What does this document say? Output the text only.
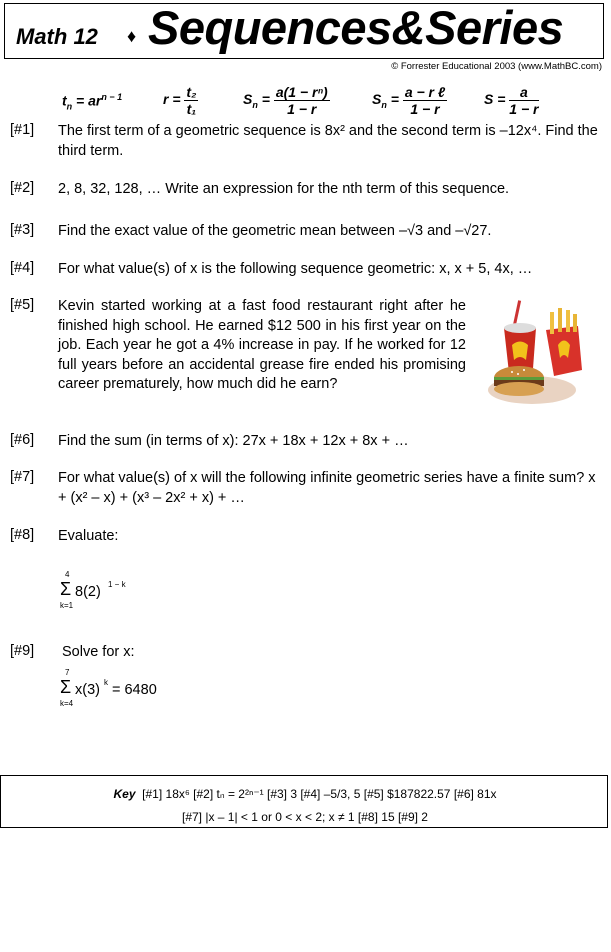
Math 12 ♦ Sequences&Series
© Forrester Educational 2003 (www.MathBC.com)
$t_n = ar^{n - 1}$	$r = \frac{\text{t₂}}{\text{t₁}}$	$S_n = \frac{\text{a(1 − rⁿ)}}{1 - r}$	$S_n = \frac{\text{a − r ℓ}}{1 - r}$	$S = \frac{a}{1 - r}$
[#1] The first term of a geometric sequence is 8x² and the second term is –12x⁴. Find the third term.
[#2] 2, 8, 32, 128, … Write an expression for the nth term of this sequence.
[#3] Find the exact value of the geometric mean between –√3 and –√27.
[#4] For what value(s) of x is the following sequence geometric: x, x + 5, 4x, …
[#5] Kevin started working at a fast food restaurant right after he finished high school. He earned $12 500 in his first year on the job. Each year he got a 4% increase in pay. If he worked for 12 full years before an accidental grease fire ended his promising career prematurely, how much did he earn?
[#6] Find the sum (in terms of x): 27x + 18x + 12x + 8x + …
[#7] For what value(s) of x will the following infinite geometric series have a finite sum? x + (x² – x) + (x³ – 2x² + x) + …
[#8] Evaluate:
4
Σ
k=1
8(2) 1 − k
[#9] Solve for x:
7
Σ
k=4
x(3) k = 6480
Key [#1] 18x⁶ [#2] tₙ = 2²ⁿ⁻¹ [#3] 3 [#4] –5/3, 5 [#5] $187822.57 [#6] 81x
[#7] |x – 1| < 1 or 0 < x < 2; x ≠ 1 [#8] 15 [#9] 2
